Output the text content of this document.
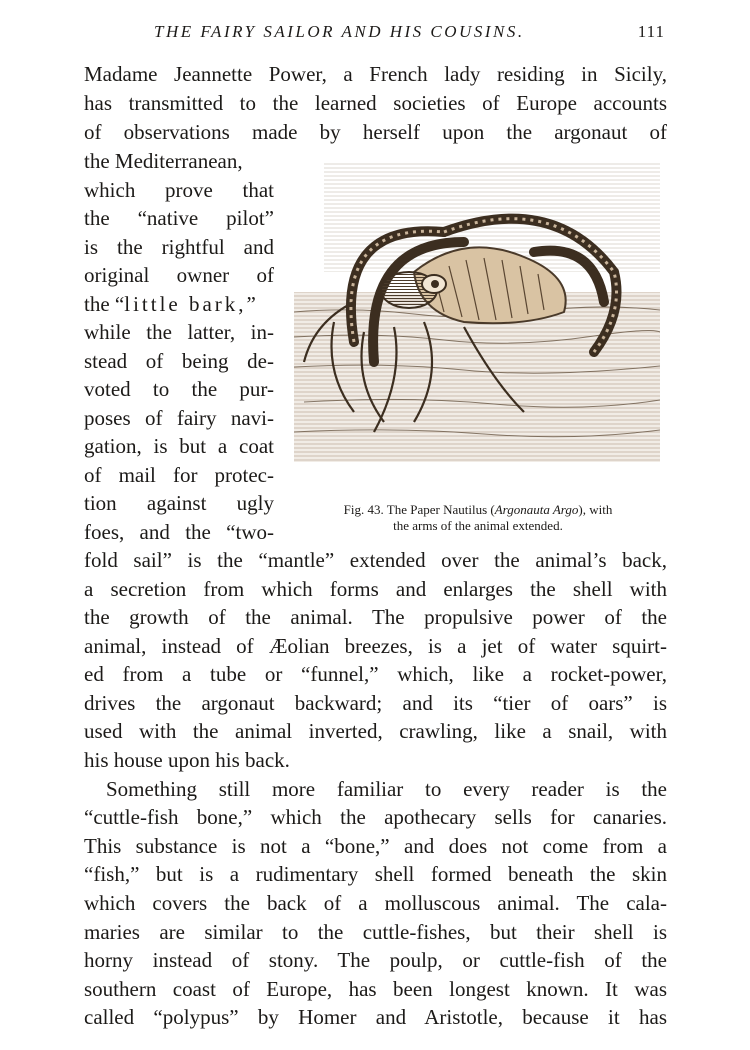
THE FAIRY SAILOR AND HIS COUSINS.	111
Madame Jeannette Power, a French lady residing in Sicily,
has transmitted to the learned societies of Europe accounts
of observations made by herself upon the argonaut of
the Mediterranean,
which prove that
the “native pilot”
is the rightful and
original owner of
the “little bark,”
while the latter, in-
stead of being de-
voted to the pur-
poses of fairy navi-
gation, is but a coat
of mail for protec-
tion against ugly
foes, and the “two-
fold sail” is the “mantle” extended over the animal’s back,
a secretion from which forms and enlarges the shell with
the growth of the animal. The propulsive power of the
animal, instead of Æolian breezes, is a jet of water squirt-
ed from a tube or “funnel,” which, like a rocket-power,
drives the argonaut backward; and its “tier of oars” is
used with the animal inverted, crawling, like a snail, with
his house upon his back.
Something still more familiar to every reader is the
“cuttle-fish bone,” which the apothecary sells for canaries.
This substance is not a “bone,” and does not come from a
“fish,” but is a rudimentary shell formed beneath the skin
which covers the back of a molluscous animal. The cala-
maries are similar to the cuttle-fishes, but their shell is
horny instead of stony. The poulp, or cuttle-fish of the
southern coast of Europe, has been longest known. It was
called “polypus” by Homer and Aristotle, because it has
Fig. 43. The Paper Nautilus (Argonauta Argo), with
the arms of the animal extended.
